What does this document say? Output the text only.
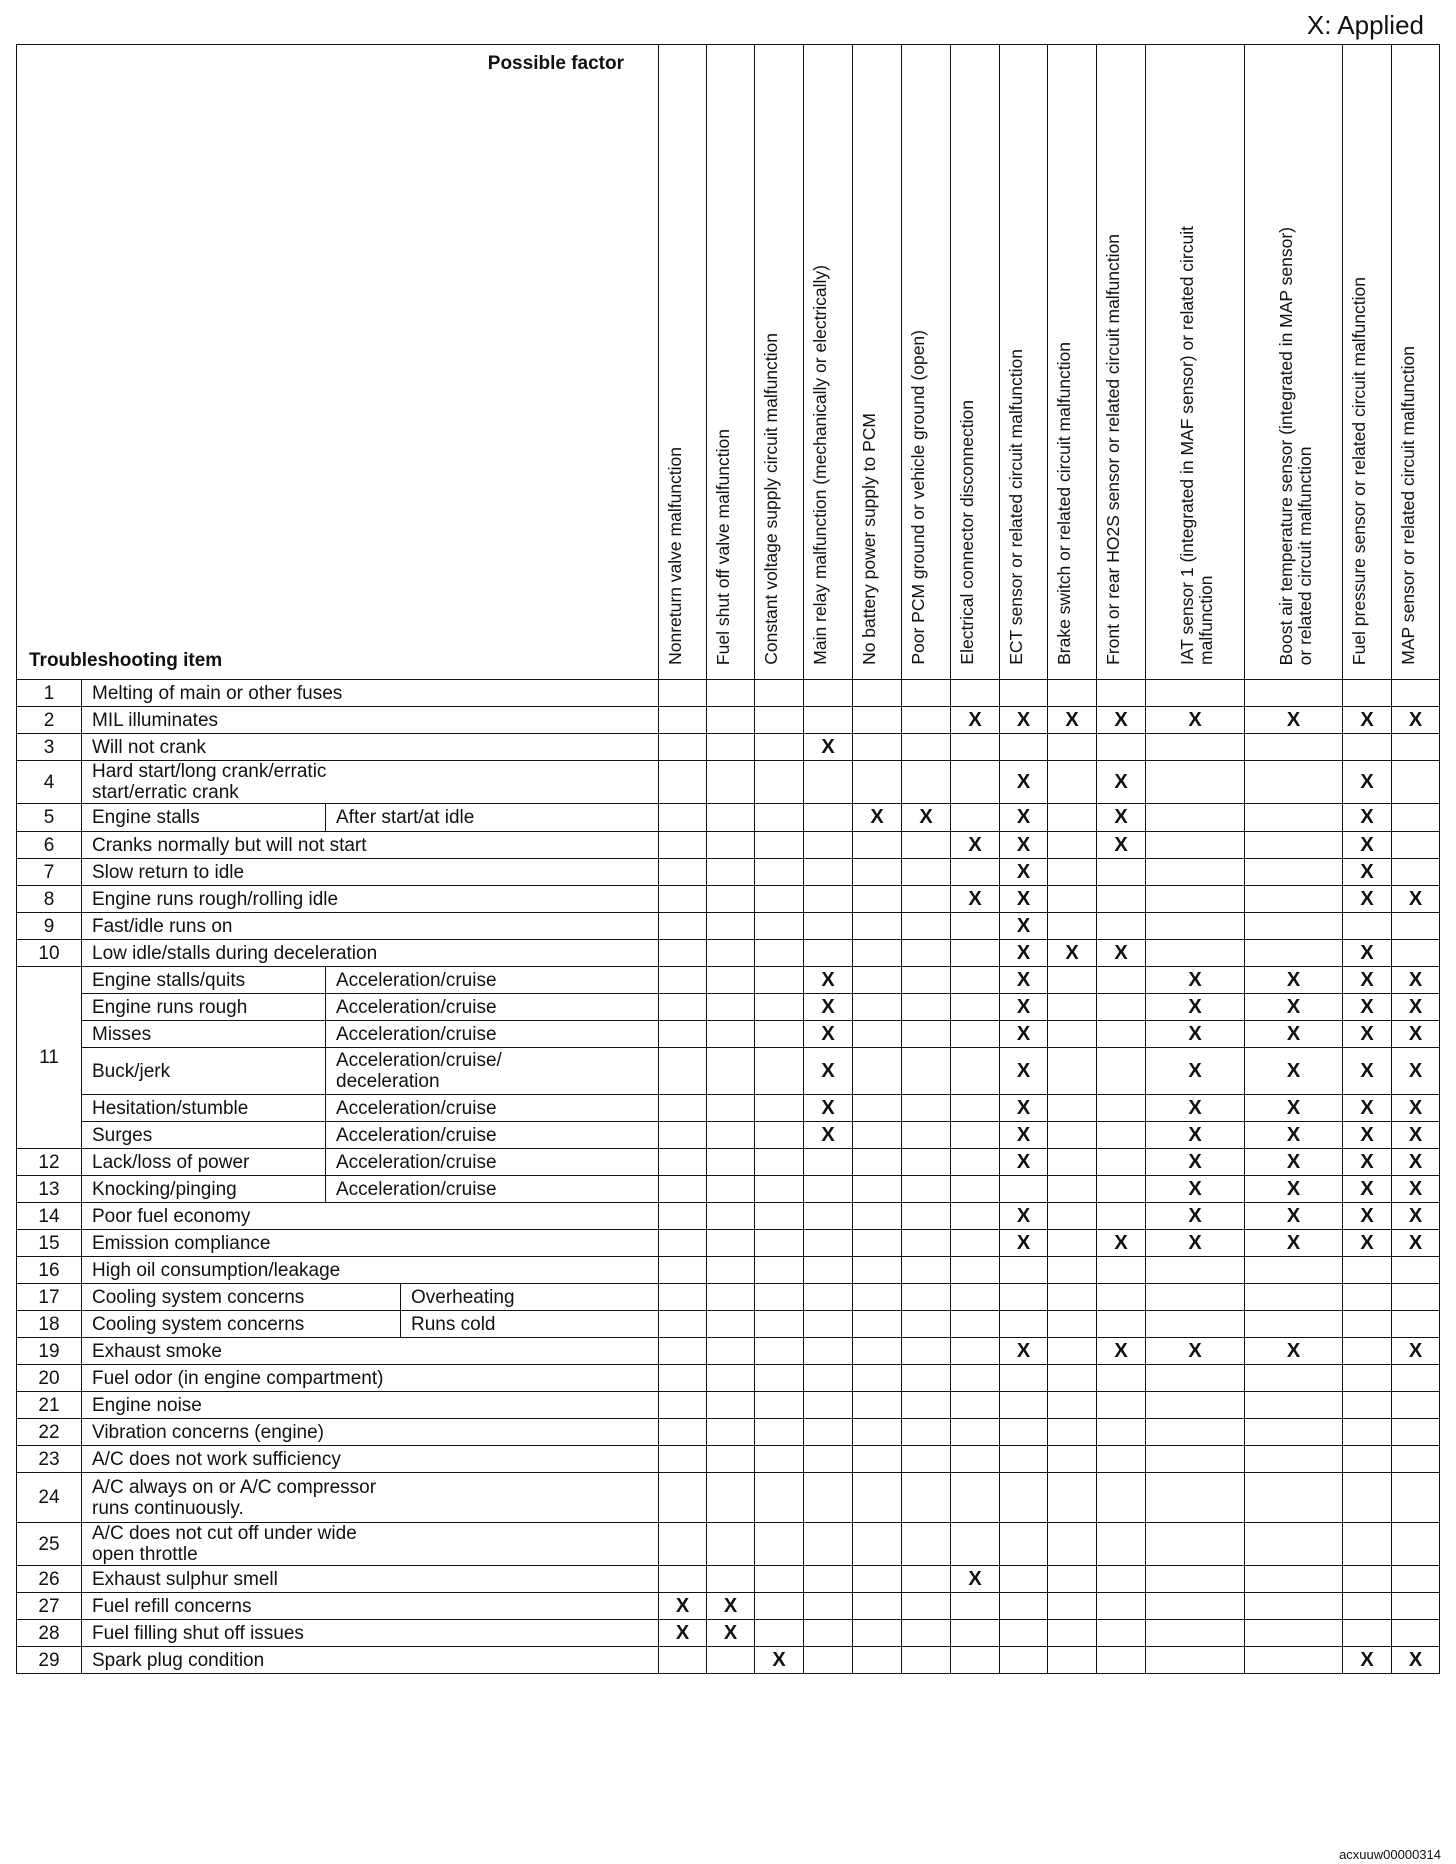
X: Applied
Possible factor
Troubleshooting item				Nonreturn valve malfunction	Fuel shut off valve malfunction	Constant voltage supply circuit malfunction	Main relay malfunction (mechanically or electrically)	No battery power supply to PCM	Poor PCM ground or vehicle ground (open)	Electrical connector disconnection	ECT sensor or related circuit malfunction	Brake switch or related circuit malfunction	Front or rear HO2S sensor or related circuit malfunction	IAT sensor 1 (integrated in MAF sensor) or related circuit
malfunction	Boost air temperature sensor (integrated in MAP sensor)
or related circuit malfunction	Fuel pressure sensor or related circuit malfunction	MAP sensor or related circuit malfunction

1	Melting of main or other fuses																
2	MIL illuminates									X	X	X	X	X	X	X	X
3	Will not crank						X										
4	Hard start/long crank/erratic start/erratic crank										X		X			X	
5	Engine stalls	After start/at idle						X	X		X		X			X	
6	Cranks normally but will not start									X	X		X			X	
7	Slow return to idle										X					X	
8	Engine runs rough/rolling idle									X	X					X	X
9	Fast/idle runs on										X						
10	Low idle/stalls during deceleration										X	X	X			X	
11	Engine stalls/quits	Acceleration/cruise					X				X			X	X	X	X
	Engine runs rough	Acceleration/cruise					X				X			X	X	X	X
	Misses	Acceleration/cruise					X				X			X	X	X	X
	Buck/jerk	Acceleration/cruise/
deceleration					X				X			X	X	X	X
	Hesitation/stumble	Acceleration/cruise					X				X			X	X	X	X
	Surges	Acceleration/cruise					X				X			X	X	X	X
12	Lack/loss of power	Acceleration/cruise									X			X	X	X	X
13	Knocking/pinging	Acceleration/cruise												X	X	X	X
14	Poor fuel economy										X			X	X	X	X
15	Emission compliance										X		X	X	X	X	X
16	High oil consumption/leakage																
17	Cooling system concerns		Overheating														
18	Cooling system concerns		Runs cold														
19	Exhaust smoke										X		X	X	X		X
20	Fuel odor (in engine compartment)																
21	Engine noise																
22	Vibration concerns (engine)																
23	A/C does not work sufficiency																
24	A/C always on or A/C compressor
runs continuously.																
25	A/C does not cut off under wide open throttle																
26	Exhaust sulphur smell									X							
27	Fuel refill concerns			X	X												
28	Fuel filling shut off issues			X	X												
29	Spark plug condition					X										X	X
acxuuw00000314
